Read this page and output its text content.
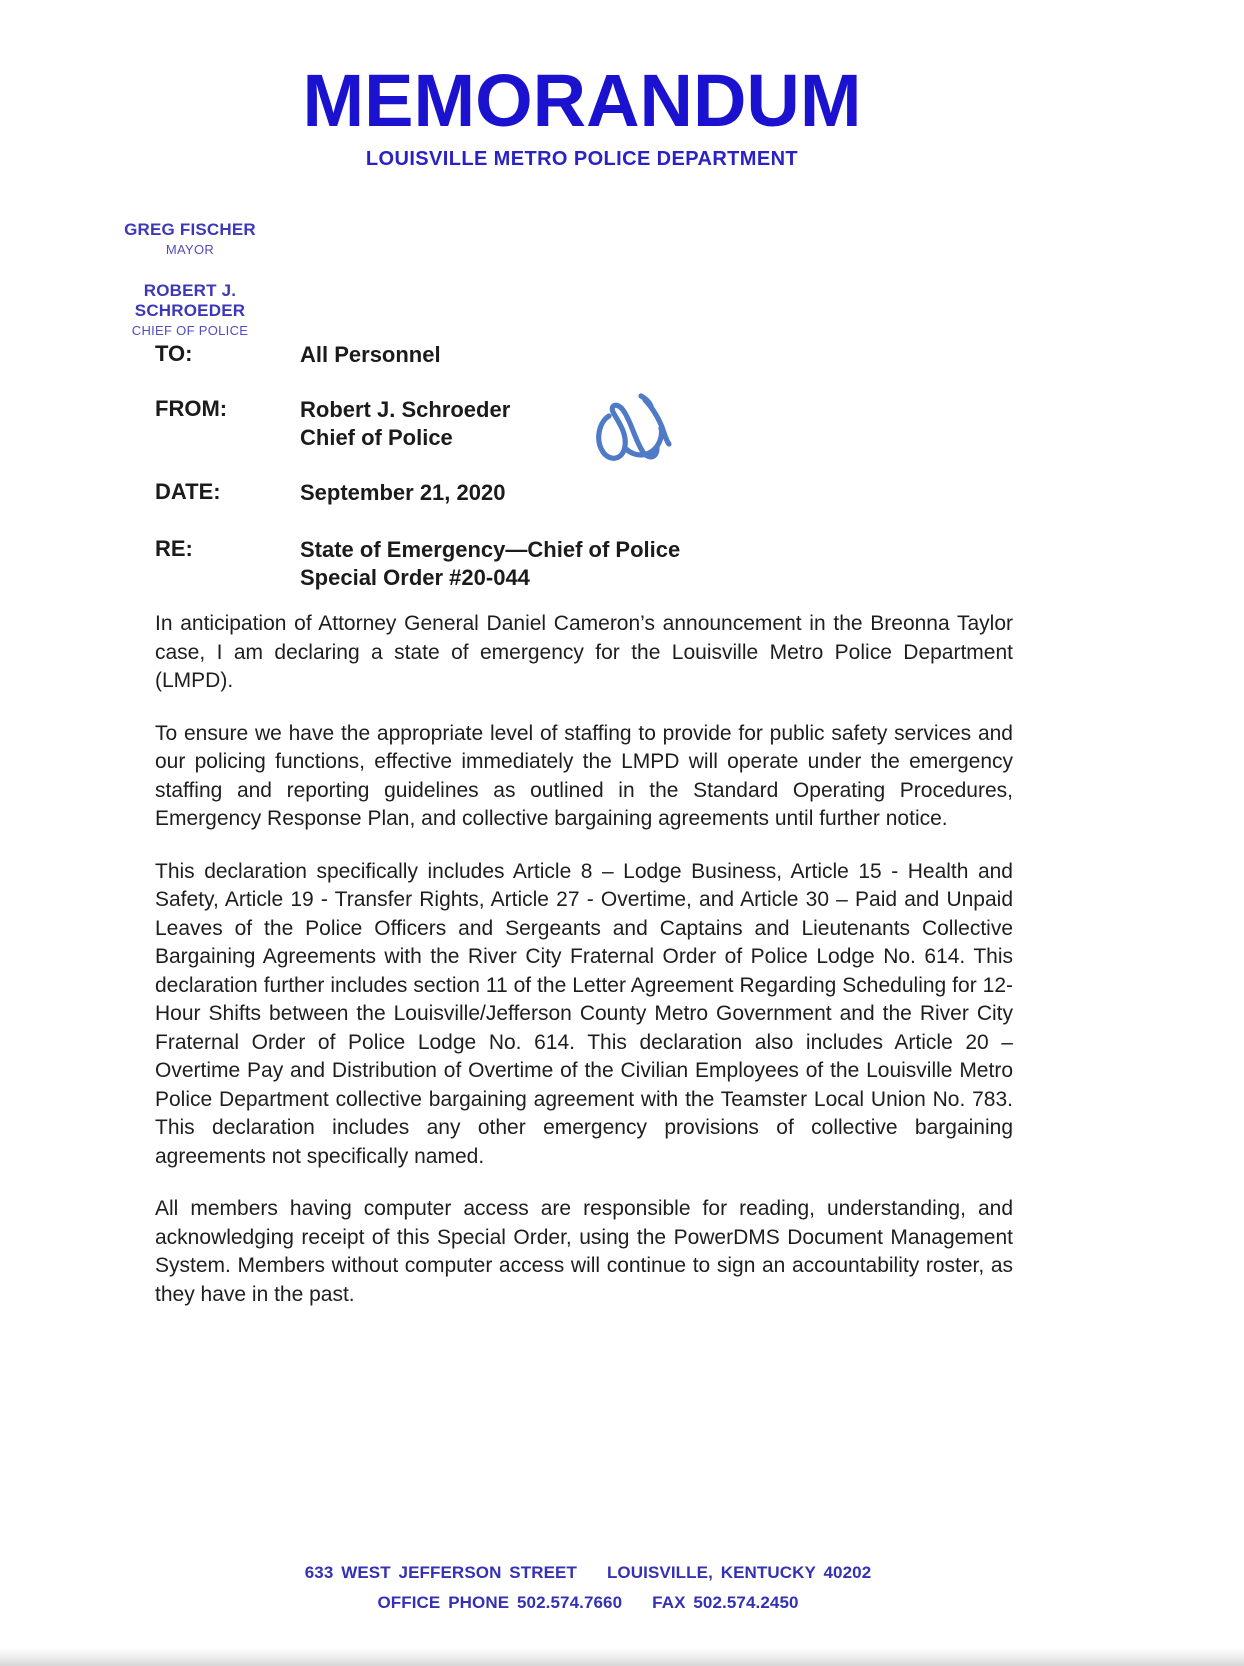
MEMORANDUM
LOUISVILLE METRO POLICE DEPARTMENT
GREG FISCHER
MAYOR
ROBERT J. SCHROEDER
CHIEF OF POLICE
TO:	All Personnel
FROM:	Robert J. Schroeder
Chief of Police
DATE:	September 21, 2020
RE:	State of Emergency—Chief of Police
Special Order #20-044

In anticipation of Attorney General Daniel Cameron’s announcement in the Breonna Taylor case, I am declaring a state of emergency for the Louisville Metro Police Department (LMPD).

To ensure we have the appropriate level of staffing to provide for public safety services and our policing functions, effective immediately the LMPD will operate under the emergency staffing and reporting guidelines as outlined in the Standard Operating Procedures, Emergency Response Plan, and collective bargaining agreements until further notice.

This declaration specifically includes Article 8 – Lodge Business, Article 15 - Health and Safety, Article 19 - Transfer Rights, Article 27 - Overtime, and Article 30 – Paid and Unpaid Leaves of the Police Officers and Sergeants and Captains and Lieutenants Collective Bargaining Agreements with the River City Fraternal Order of Police Lodge No. 614. This declaration further includes section 11 of the Letter Agreement Regarding Scheduling for 12-Hour Shifts between the Louisville/Jefferson County Metro Government and the River City Fraternal Order of Police Lodge No. 614. This declaration also includes Article 20 – Overtime Pay and Distribution of Overtime of the Civilian Employees of the Louisville Metro Police Department collective bargaining agreement with the Teamster Local Union No. 783. This declaration includes any other emergency provisions of collective bargaining agreements not specifically named.

All members having computer access are responsible for reading, understanding, and acknowledging receipt of this Special Order, using the PowerDMS Document Management System. Members without computer access will continue to sign an accountability roster, as they have in the past.

633 WEST JEFFERSON STREET LOUISVILLE, KENTUCKY 40202
OFFICE PHONE 502.574.7660 FAX 502.574.2450
